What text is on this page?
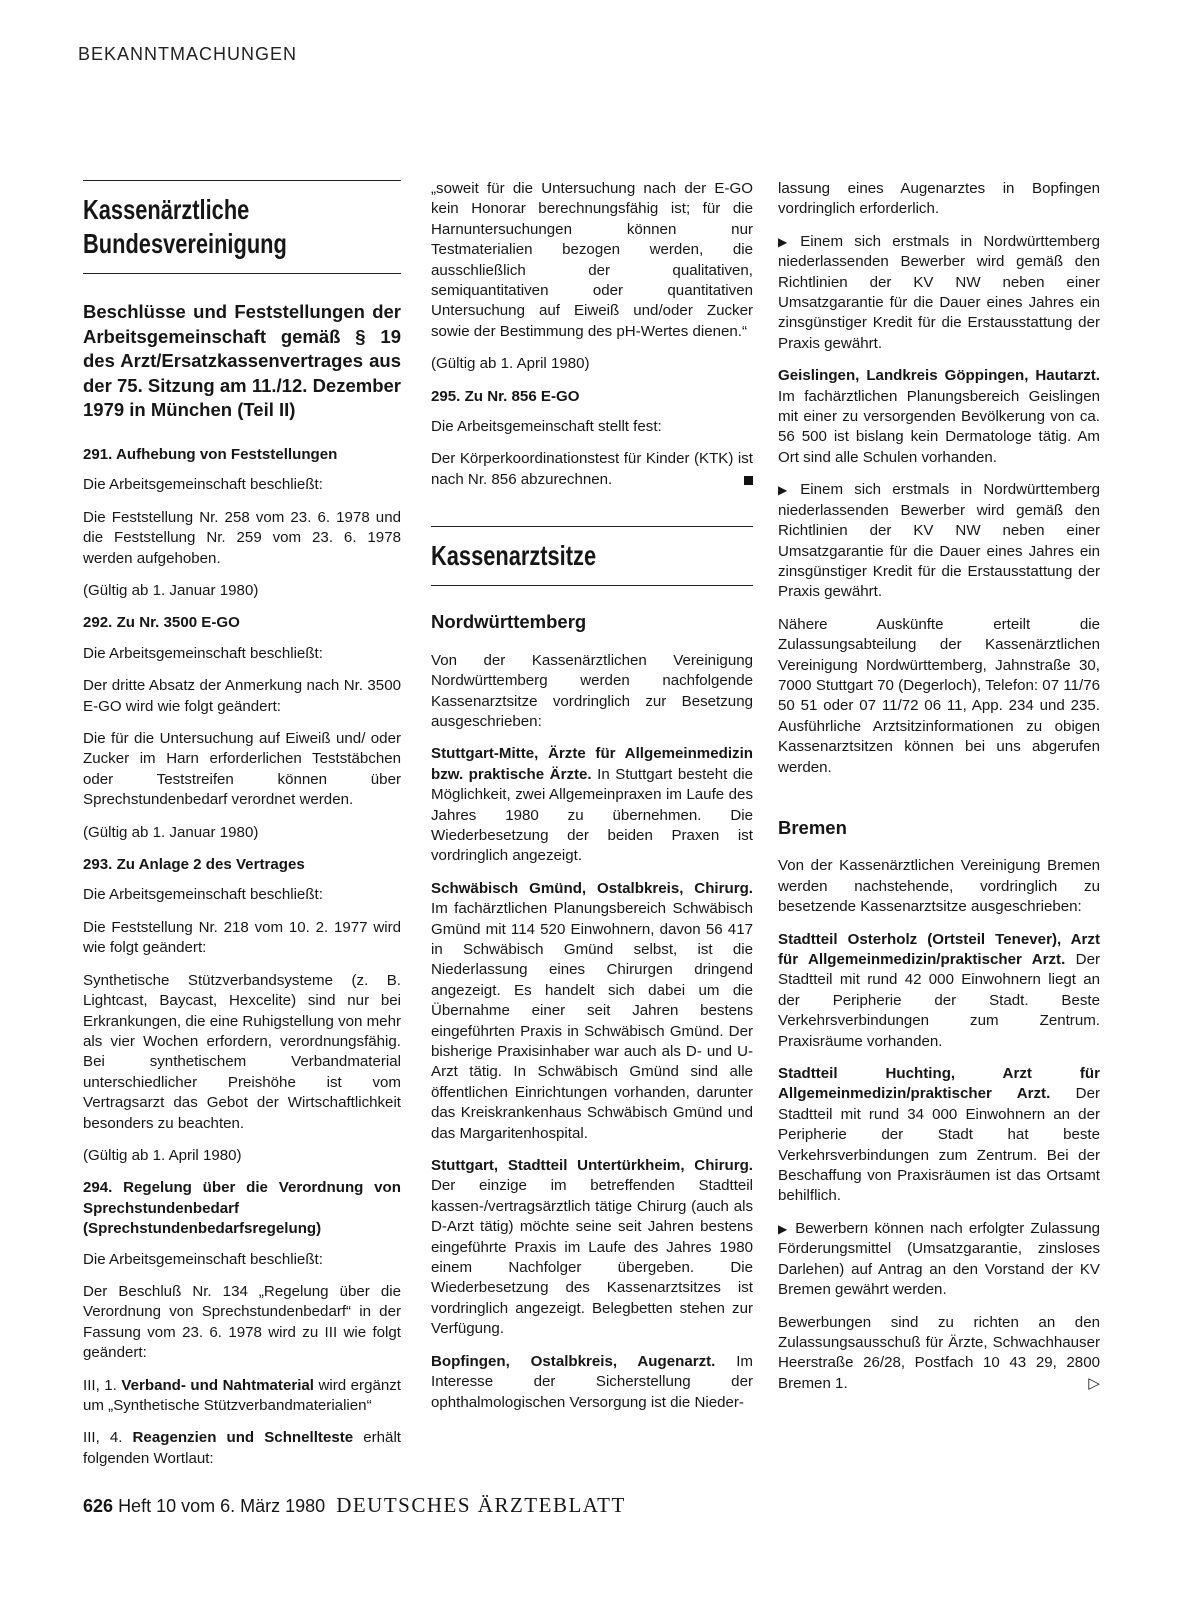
BEKANNTMACHUNGEN
Kassenärztliche
Bundesvereinigung

Beschlüsse und Feststellungen der Arbeitsgemeinschaft gemäß § 19 des Arzt/Ersatzkassenvertrages aus der 75. Sitzung am 11./12. Dezember 1979 in München (Teil II)

291. Aufhebung von Feststellungen

Die Arbeitsgemeinschaft beschließt:

Die Feststellung Nr. 258 vom 23. 6. 1978 und die Feststellung Nr. 259 vom 23. 6. 1978 werden aufgehoben.

(Gültig ab 1. Januar 1980)

292. Zu Nr. 3500 E-GO

Die Arbeitsgemeinschaft beschließt:

Der dritte Absatz der Anmerkung nach Nr. 3500 E-GO wird wie folgt geändert:

Die für die Untersuchung auf Eiweiß und/ oder Zucker im Harn erforderlichen Teststäbchen oder Teststreifen können über Sprechstundenbedarf verordnet werden.

(Gültig ab 1. Januar 1980)

293. Zu Anlage 2 des Vertrages

Die Arbeitsgemeinschaft beschließt:

Die Feststellung Nr. 218 vom 10. 2. 1977 wird wie folgt geändert:

Synthetische Stützverbandsysteme (z. B. Lightcast, Baycast, Hexcelite) sind nur bei Erkrankungen, die eine Ruhigstellung von mehr als vier Wochen erfordern, verordnungsfähig. Bei synthetischem Verbandmaterial unterschiedlicher Preishöhe ist vom Vertragsarzt das Gebot der Wirtschaftlichkeit besonders zu beachten.

(Gültig ab 1. April 1980)

294. Regelung über die Verordnung von Sprechstundenbedarf (Sprechstundenbedarfsregelung)

Die Arbeitsgemeinschaft beschließt:

Der Beschluß Nr. 134 „Regelung über die Verordnung von Sprechstundenbedarf“ in der Fassung vom 23. 6. 1978 wird zu III wie folgt geändert:

III, 1. Verband- und Nahtmaterial wird ergänzt um „Synthetische Stützverbandmaterialien“

III, 4. Reagenzien und Schnellteste erhält folgenden Wortlaut:

„soweit für die Untersuchung nach der E-GO kein Honorar berechnungsfähig ist; für die Harnuntersuchungen können nur Testmaterialien bezogen werden, die ausschließlich der qualitativen, semiquantitativen oder quantitativen Untersuchung auf Eiweiß und/oder Zucker sowie der Bestimmung des pH-Wertes dienen.“

(Gültig ab 1. April 1980)

295. Zu Nr. 856 E-GO

Die Arbeitsgemeinschaft stellt fest:

Der Körperkoordinationstest für Kinder (KTK) ist nach Nr. 856 abzurechnen.

Kassenarztsitze

Nordwürttemberg

Von der Kassenärztlichen Vereinigung Nordwürttemberg werden nachfolgende Kassenarztsitze vordringlich zur Besetzung ausgeschrieben:

Stuttgart-Mitte, Ärzte für Allgemeinmedizin bzw. praktische Ärzte. In Stuttgart besteht die Möglichkeit, zwei Allgemeinpraxen im Laufe des Jahres 1980 zu übernehmen. Die Wiederbesetzung der beiden Praxen ist vordringlich angezeigt.

Schwäbisch Gmünd, Ostalbkreis, Chirurg. Im fachärztlichen Planungsbereich Schwäbisch Gmünd mit 114 520 Einwohnern, davon 56 417 in Schwäbisch Gmünd selbst, ist die Niederlassung eines Chirurgen dringend angezeigt. Es handelt sich dabei um die Übernahme einer seit Jahren bestens eingeführten Praxis in Schwäbisch Gmünd. Der bisherige Praxisinhaber war auch als D- und U-Arzt tätig. In Schwäbisch Gmünd sind alle öffentlichen Einrichtungen vorhanden, darunter das Kreiskrankenhaus Schwäbisch Gmünd und das Margaritenhospital.

Stuttgart, Stadtteil Untertürkheim, Chirurg. Der einzige im betreffenden Stadtteil kassen-/vertragsärztlich tätige Chirurg (auch als D-Arzt tätig) möchte seine seit Jahren bestens eingeführte Praxis im Laufe des Jahres 1980 einem Nachfolger übergeben. Die Wiederbesetzung des Kassenarztsitzes ist vordringlich angezeigt. Belegbetten stehen zur Verfügung.

Bopfingen, Ostalbkreis, Augenarzt. Im Interesse der Sicherstellung der ophthalmologischen Versorgung ist die Nieder-

lassung eines Augenarztes in Bopfingen vordringlich erforderlich.

▶ Einem sich erstmals in Nordwürttemberg niederlassenden Bewerber wird gemäß den Richtlinien der KV NW neben einer Umsatzgarantie für die Dauer eines Jahres ein zinsgünstiger Kredit für die Erstausstattung der Praxis gewährt.

Geislingen, Landkreis Göppingen, Hautarzt. Im fachärztlichen Planungsbereich Geislingen mit einer zu versorgenden Bevölkerung von ca. 56 500 ist bislang kein Dermatologe tätig. Am Ort sind alle Schulen vorhanden.

▶ Einem sich erstmals in Nordwürttemberg niederlassenden Bewerber wird gemäß den Richtlinien der KV NW neben einer Umsatzgarantie für die Dauer eines Jahres ein zinsgünstiger Kredit für die Erstausstattung der Praxis gewährt.

Nähere Auskünfte erteilt die Zulassungsabteilung der Kassenärztlichen Vereinigung Nordwürttemberg, Jahnstraße 30, 7000 Stuttgart 70 (Degerloch), Telefon: 07 11/76 50 51 oder 07 11/72 06 11, App. 234 und 235. Ausführliche Arztsitzinformationen zu obigen Kassenarztsitzen können bei uns abgerufen werden.

Bremen

Von der Kassenärztlichen Vereinigung Bremen werden nachstehende, vordringlich zu besetzende Kassenarztsitze ausgeschrieben:

Stadtteil Osterholz (Ortsteil Tenever), Arzt für Allgemeinmedizin/praktischer Arzt. Der Stadtteil mit rund 42 000 Einwohnern liegt an der Peripherie der Stadt. Beste Verkehrsverbindungen zum Zentrum. Praxisräume vorhanden.

Stadtteil Huchting, Arzt für Allgemeinmedizin/praktischer Arzt. Der Stadtteil mit rund 34 000 Einwohnern an der Peripherie der Stadt hat beste Verkehrsverbindungen zum Zentrum. Bei der Beschaffung von Praxisräumen ist das Ortsamt behilflich.

▶ Bewerbern können nach erfolgter Zulassung Förderungsmittel (Umsatzgarantie, zinsloses Darlehen) auf Antrag an den Vorstand der KV Bremen gewährt werden.

Bewerbungen sind zu richten an den Zulassungsausschuß für Ärzte, Schwachhauser Heerstraße 26/28, Postfach 10 43 29, 2800 Bremen 1.	▷

626 Heft 10 vom 6. März 1980 DEUTSCHES ÄRZTEBLATT
